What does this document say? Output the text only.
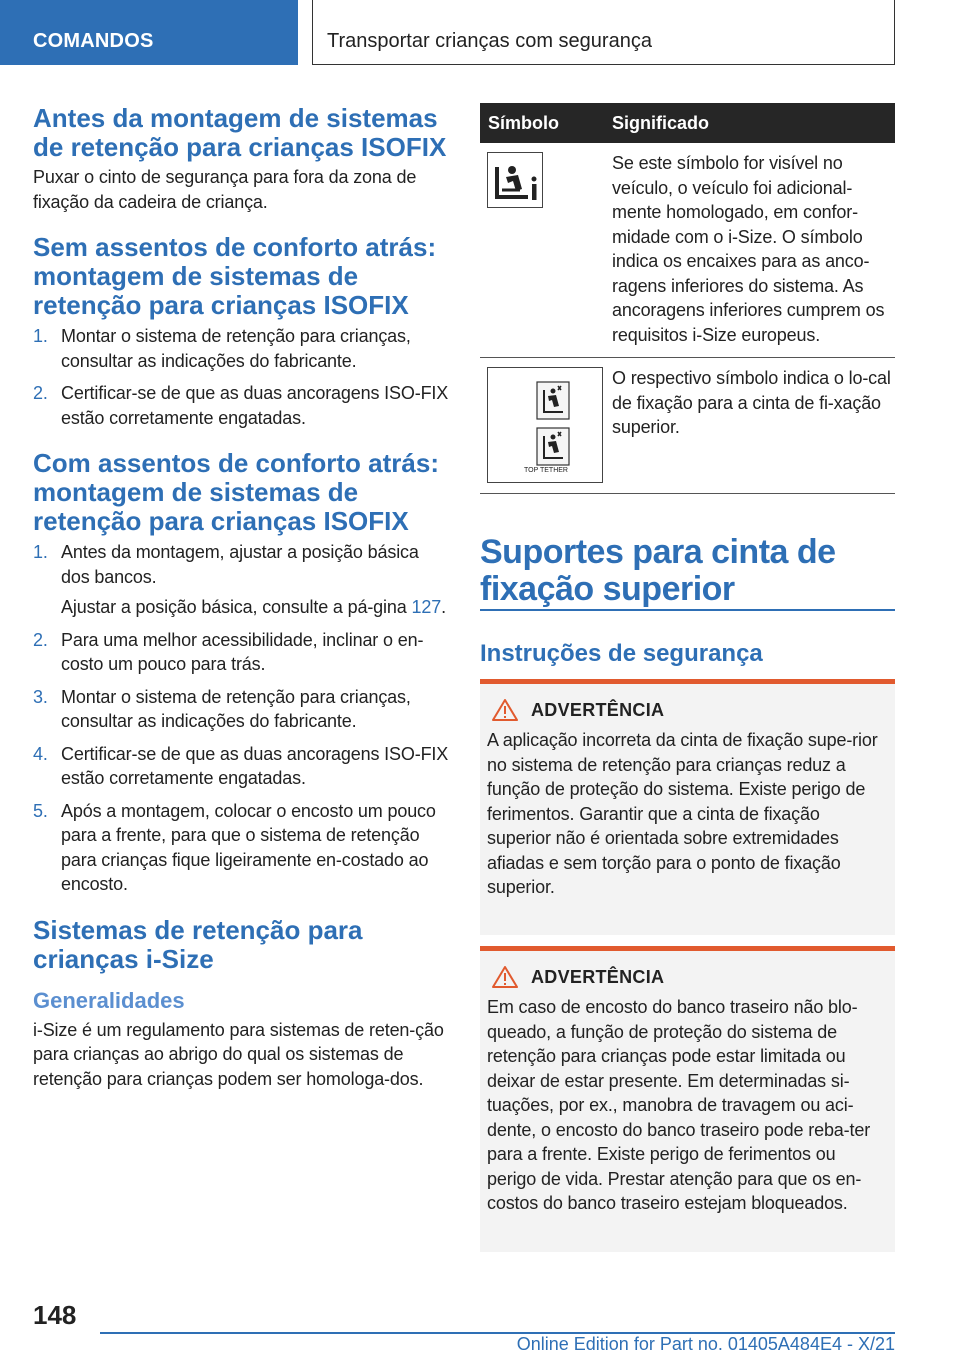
COMANDOS	Transportar crianças com segurança
Antes da montagem de sistemas de retenção para crianças ISOFIX

Puxar o cinto de segurança para fora da zona de fixação da cadeira de criança.

Sem assentos de conforto atrás: montagem de sistemas de retenção para crianças ISOFIX
1. Montar o sistema de retenção para crianças, consultar as indicações do fabricante.
2. Certificar-se de que as duas ancoragens ISO-FIX estão corretamente engatadas.
Com assentos de conforto atrás: montagem de sistemas de retenção para crianças ISOFIX
1. Antes da montagem, ajustar a posição básica dos bancos.
Ajustar a posição básica, consulte a pá-gina 127.
2. Para uma melhor acessibilidade, inclinar o en-costo um pouco para trás.
3. Montar o sistema de retenção para crianças, consultar as indicações do fabricante.
4. Certificar-se de que as duas ancoragens ISO-FIX estão corretamente engatadas.
5. Após a montagem, colocar o encosto um pouco para a frente, para que o sistema de retenção para crianças fique ligeiramente en-costado ao encosto.
Sistemas de retenção para crianças i-Size
Generalidades

i-Size é um regulamento para sistemas de reten-ção para crianças ao abrigo do qual os sistemas de retenção para crianças podem ser homologa-dos.

Símbolo	Significado
Se este símbolo for visível no veículo, o veículo foi adicional-mente homologado, em confor-midade com o i-Size. O símbolo indica os encaixes para as anco-ragens inferiores do sistema. As ancoragens inferiores cumprem os requisitos i-Size europeus.
TOP TETHER
O respectivo símbolo indica o lo-cal de fixação para a cinta de fi-xação superior.
Suportes para cinta de fixação superior
Instruções de segurança
ADVERTÊNCIA

A aplicação incorreta da cinta de fixação supe-rior no sistema de retenção para crianças reduz a função de proteção do sistema. Existe perigo de ferimentos. Garantir que a cinta de fixação superior não é orientada sobre extremidades afiadas e sem torção para o ponto de fixação superior.

ADVERTÊNCIA

Em caso de encosto do banco traseiro não blo-queado, a função de proteção do sistema de retenção para crianças pode estar limitada ou deixar de estar presente. Em determinadas si-tuações, por ex., manobra de travagem ou aci-dente, o encosto do banco traseiro pode reba-ter para a frente. Existe perigo de ferimentos ou perigo de vida. Prestar atenção para que os en-costos do banco traseiro estejam bloqueados.

148
Online Edition for Part no. 01405A484E4 - X/21
